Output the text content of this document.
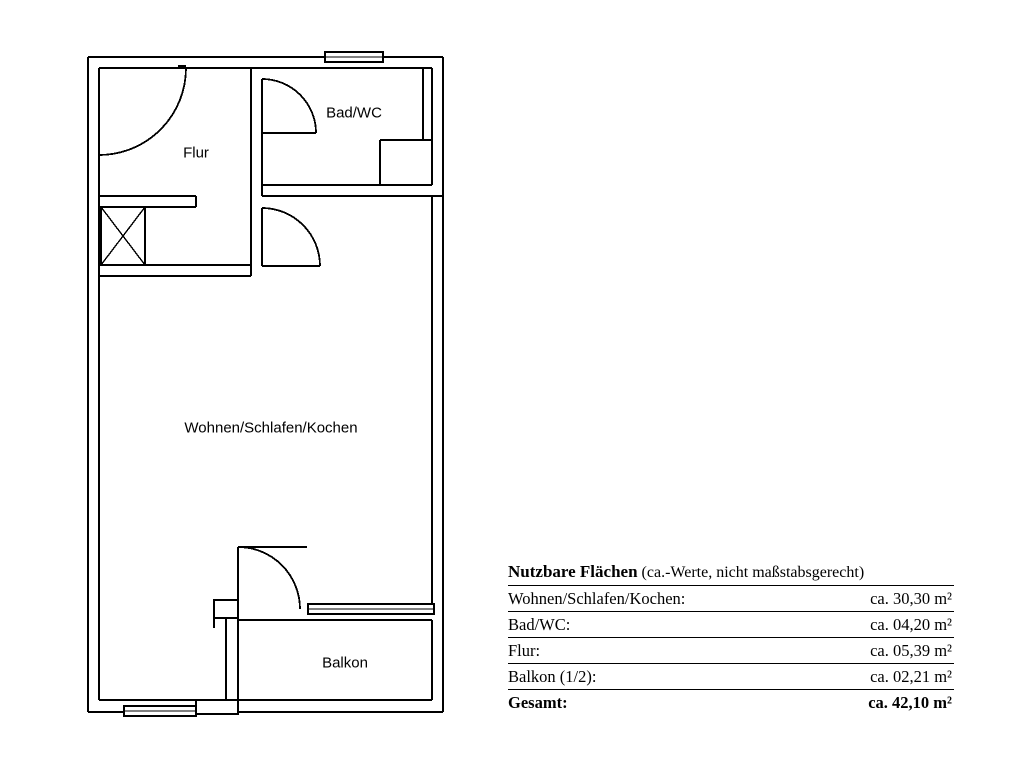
Flur
Bad/WC
Wohnen/Schlafen/Kochen
Balkon
Nutzbare Flächen (ca.-Werte, nicht maßstabsgerecht)
Wohnen/Schlafen/Kochen:	ca. 30,30 m²
Bad/WC:	ca. 04,20 m²
Flur:	ca. 05,39 m²
Balkon (1/2):	ca. 02,21 m²
Gesamt:	ca. 42,10 m²
